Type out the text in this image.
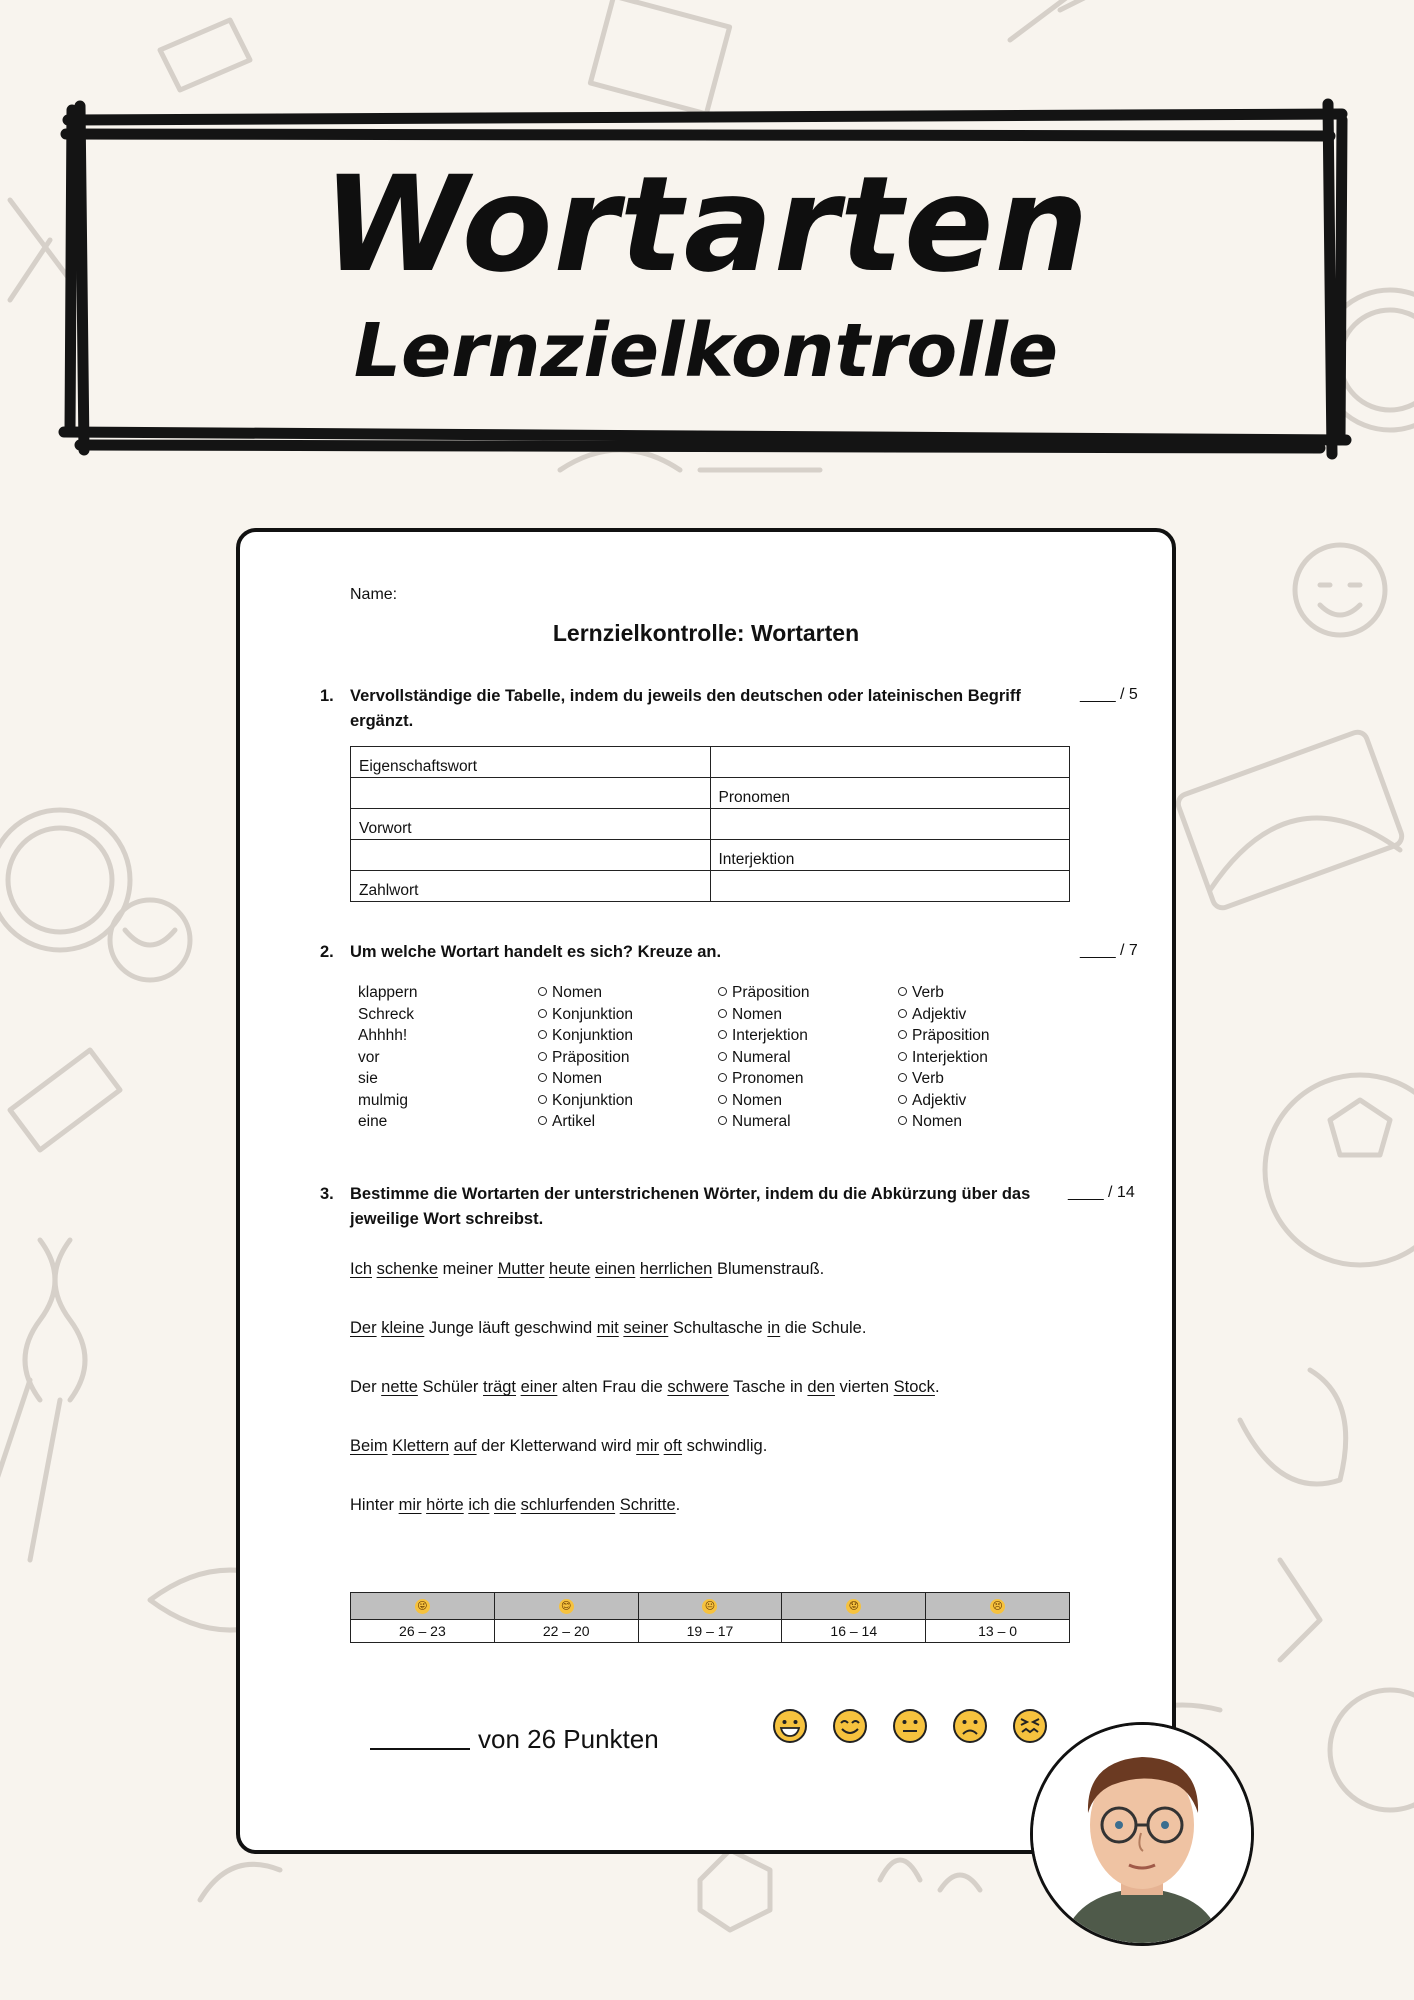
Wortarten
Lernzielkontrolle
Name:
Lernzielkontrolle: Wortarten
1. Vervollständige die Tabelle, indem du jeweils den deutschen oder lateinischen Begriff ergänzt.
____ / 5
Eigenschaftswort	
	Pronomen
Vorwort	
	Interjektion
Zahlwort	
2. Um welche Wortart handelt es sich? Kreuze an.	____ / 7
klappern	Nomen	Präposition	Verb
Schreck	Konjunktion	Nomen	Adjektiv
Ahhhh!	Konjunktion	Interjektion	Präposition
vor	Präposition	Numeral	Interjektion
sie	Nomen	Pronomen	Verb
mulmig	Konjunktion	Nomen	Adjektiv
eine	Artikel	Numeral	Nomen
3. Bestimme die Wortarten der unterstrichenen Wörter, indem du die Abkürzung über das jeweilige Wort schreibst.
____ / 14
Ich schenke meiner Mutter heute einen herrlichen Blumenstrauß.
Der kleine Junge läuft geschwind mit seiner Schultasche in die Schule.
Der nette Schüler trägt einer alten Frau die schwere Tasche in den vierten Stock.
Beim Klettern auf der Kletterwand wird mir oft schwindlig.
Hinter mir hörte ich die schlurfenden Schritte.
😜	😊	😐	😟	😣
26 – 23	22 – 20	19 – 17	16 – 14	13 – 0
von 26 Punkten
